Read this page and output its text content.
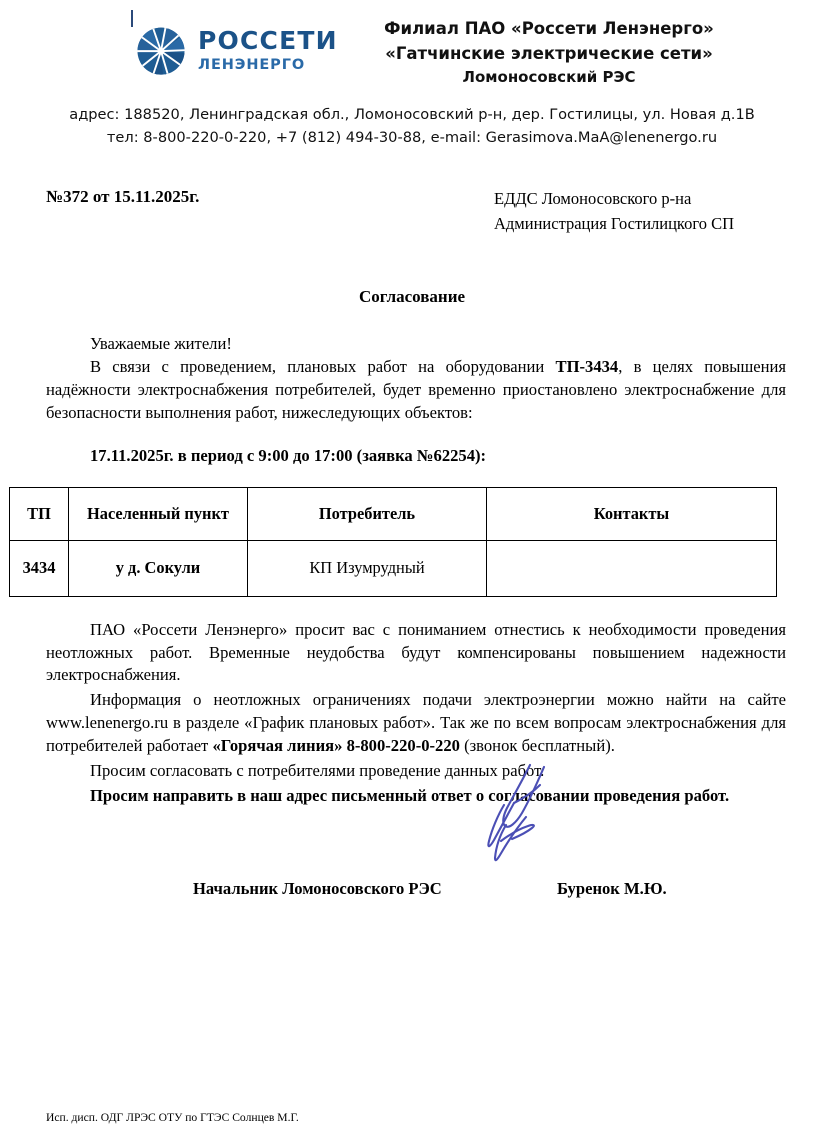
РОССЕТИ
ЛЕНЭНЕРГО
Филиал ПАО «Россети Ленэнерго»
«Гатчинские электрические сети»
Ломоносовский РЭС
адрес: 188520, Ленинградская обл., Ломоносовский р-н, дер. Гостилицы, ул. Новая д.1В
тел: 8-800-220-0-220, +7 (812) 494-30-88, e-mail: Gerasimova.MaA@lenenergo.ru
№372 от 15.11.2025г.	ЕДДС Ломоносовского р-на
Администрация Гостилицкого СП
Согласование

Уважаемые жители!

В связи с проведением, плановых работ на оборудовании ТП-3434, в целях повышения надёжности электроснабжения потребителей, будет временно приостановлено электроснабжение для безопасности выполнения работ, нижеследующих объектов:

17.11.2025г. в период с 9:00 до 17:00 (заявка №62254):
ТП	Населенный пункт	Потребитель	Контакты
3434	у д. Сокули	КП Изумрудный	

ПАО «Россети Ленэнерго» просит вас с пониманием отнестись к необходимости проведения неотложных работ. Временные неудобства будут компенсированы повышением надежности электроснабжения.

Информация о неотложных ограничениях подачи электроэнергии можно найти на сайте www.lenenergo.ru в разделе «График плановых работ». Так же по всем вопросам электроснабжения для потребителей работает «Горячая линия» 8-800-220-0-220 (звонок бесплатный).

Просим согласовать с потребителями проведение данных работ.

Просим направить в наш адрес письменный ответ о согласовании проведения работ.

Начальник Ломоносовского РЭС	Буренок М.Ю.
Исп. дисп. ОДГ ЛРЭС ОТУ по ГТЭС Солнцев М.Г.
